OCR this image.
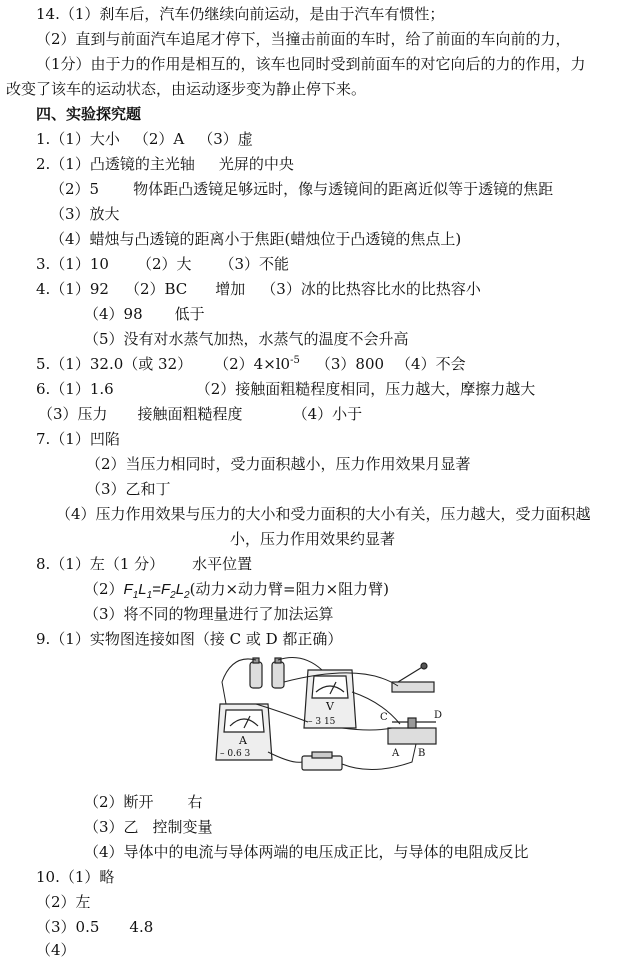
14.（1）刹车后，汽车仍继续向前运动，是由于汽车有惯性；
（2）直到与前面汽车追尾才停下，当撞击前面的车时，给了前面的车向前的力，
（1分）由于力的作用是相互的，该车也同时受到前面车的对它向后的力的作用，力
改变了该车的运动状态，由运动逐步变为静止停下来。
四、实验探究题
1.（1）大小 （2）A （3）虚
2.（1）凸透镜的主光轴 光屏的中央
（2）5 物体距凸透镜足够远时，像与透镜间的距离近似等于透镜的焦距
（3）放大
（4）蜡烛与凸透镜的距离小于焦距(蜡烛位于凸透镜的焦点上)
3.（1）10 （2）大 （3）不能
4.（1）92 （2）BC 增加 （3）冰的比热容比水的比热容小
（4）98 低于
（5）没有对水蒸气加热，水蒸气的温度不会升高
5.（1）32.0（或 32） $(2)4\times l0^{-5}$ （3）800 （4）不会
6.（1）1.6	（2）接触面粗糙程度相同，压力越大，摩擦力越大
（3）压力 接触面粗糙程度	（4）小于
7.（1）凹陷
（2）当压力相同时，受力面积越小，压力作用效果月显著
（3）乙和丁
（4）压力作用效果与压力的大小和受力面积的大小有关，压力越大，受力面积越
小，压力作用效果约显著
8.（1）左（1 分） 水平位置
$(2)F_1L_1=F_2L_2$(动力×动力臂=阻力×阻力臂)
（3）将不同的物理量进行了加法运算
9.（1）实物图连接如图（接 C 或 D 都正确）
A
– 0.6 3
V
– 3 15	C	D
A B
（2）断开 右
（3）乙 控制变量
（4）导体中的电流与导体两端的电压成正比，与导体的电阻成反比
10.（1）略
（2）左
（3）0.5 4.8
（4）
